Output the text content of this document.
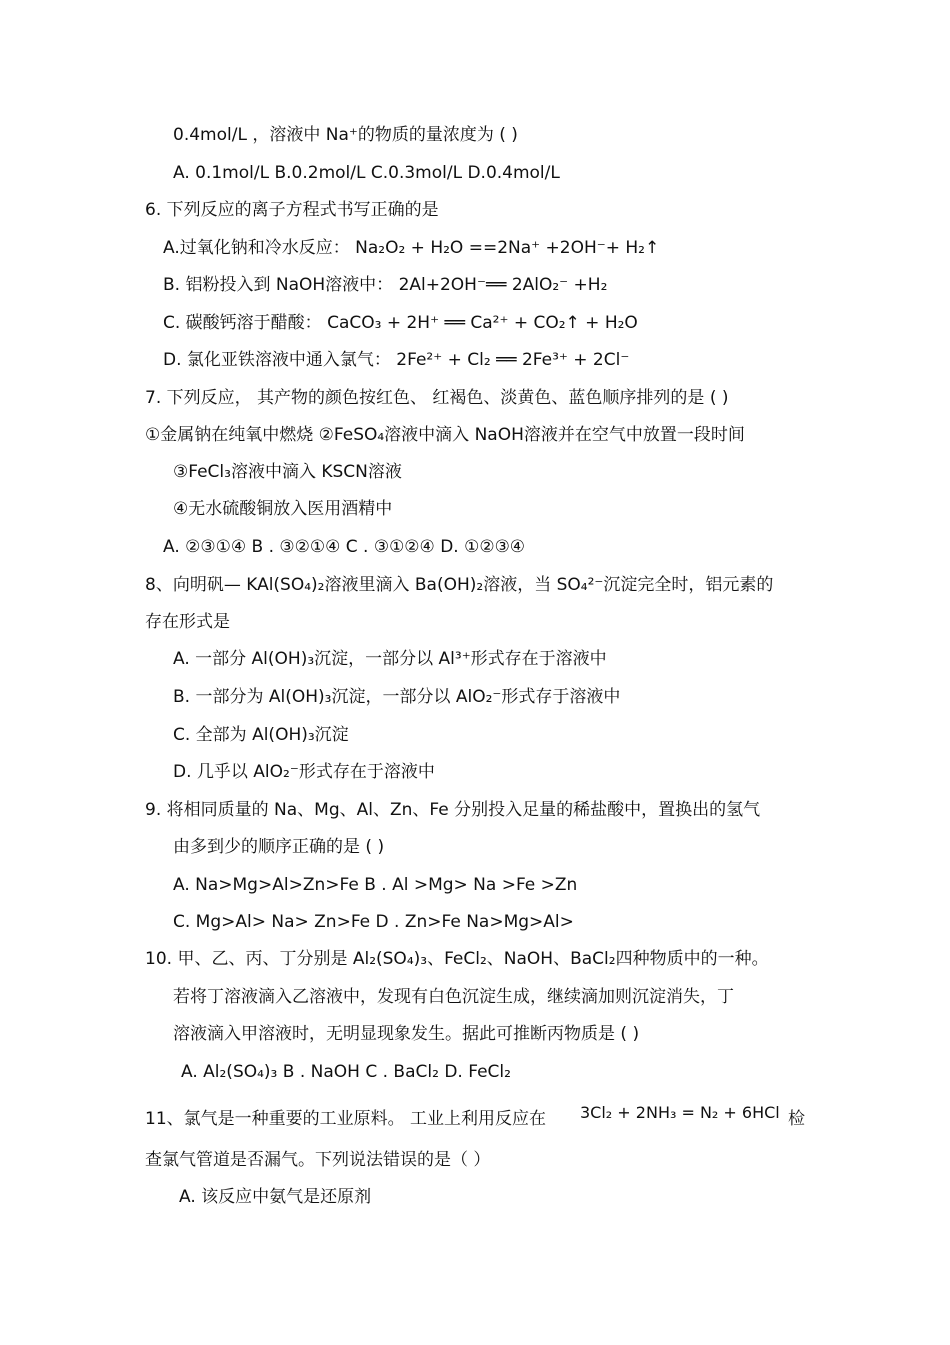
0.4mol/L ，溶液中 Na⁺的物质的量浓度为 ( )
A. 0.1mol/L B.0.2mol/L C.0.3mol/L D.0.4mol/L
6. 下列反应的离子方程式书写正确的是
A.过氧化钠和冷水反应： Na₂O₂ + H₂O ==2Na⁺ +2OH⁻+ H₂↑
B. 铝粉投入到 NaOH溶液中： 2Al+2OH⁻══ 2AlO₂⁻ +H₂
C. 碳酸钙溶于醋酸： CaCO₃ + 2H⁺ ══ Ca²⁺ + CO₂↑ + H₂O
D. 氯化亚铁溶液中通入氯气： 2Fe²⁺ + Cl₂ ══ 2Fe³⁺ + 2Cl⁻
7. 下列反应， 其产物的颜色按红色、 红褐色、淡黄色、蓝色顺序排列的是 ( )
①金属钠在纯氧中燃烧 ②FeSO₄溶液中滴入 NaOH溶液并在空气中放置一段时间
③FeCl₃溶液中滴入 KSCN溶液
④无水硫酸铜放入医用酒精中
A. ②③①④ B . ③②①④ C . ③①②④ D. ①②③④
8、向明矾— KAl(SO₄)₂溶液里滴入 Ba(OH)₂溶液，当 SO₄²⁻沉淀完全时，铝元素的
存在形式是
A. 一部分 Al(OH)₃沉淀，一部分以 Al³⁺形式存在于溶液中
B. 一部分为 Al(OH)₃沉淀，一部分以 AlO₂⁻形式存于溶液中
C. 全部为 Al(OH)₃沉淀
D. 几乎以 AlO₂⁻形式存在于溶液中
9. 将相同质量的 Na、Mg、Al、Zn、Fe 分别投入足量的稀盐酸中，置换出的氢气
由多到少的顺序正确的是 ( )
A. Na>Mg>Al>Zn>Fe B . Al >Mg> Na >Fe >Zn
C. Mg>Al> Na> Zn>Fe D . Zn>Fe Na>Mg>Al>
10. 甲、乙、丙、丁分别是 Al₂(SO₄)₃、FeCl₂、NaOH、BaCl₂四种物质中的一种。
若将丁溶液滴入乙溶液中，发现有白色沉淀生成，继续滴加则沉淀消失，丁
溶液滴入甲溶液时，无明显现象发生。据此可推断丙物质是 ( )
A. Al₂(SO₄)₃ B . NaOH C . BaCl₂ D. FeCl₂
11、氯气是一种重要的工业原料。 工业上利用反应在 3Cl₂ + 2NH₃ = N₂ + 6HCl 检
查氯气管道是否漏气。下列说法错误的是（ ）
A. 该反应中氨气是还原剂
